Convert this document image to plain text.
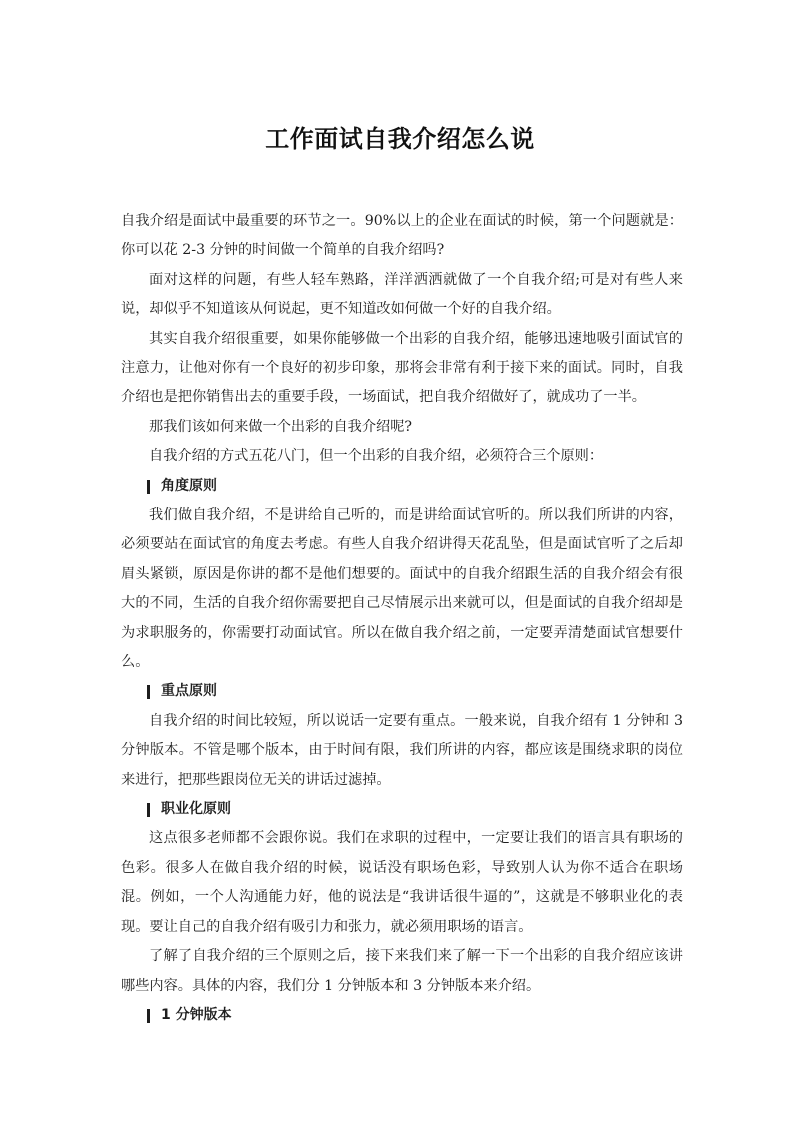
工作面试自我介绍怎么说

自我介绍是面试中最重要的环节之一。90%以上的企业在面试的时候，第一个问题就是：你可以花 2-3 分钟的时间做一个简单的自我介绍吗?

面对这样的问题，有些人轻车熟路，洋洋洒洒就做了一个自我介绍;可是对有些人来说，却似乎不知道该从何说起，更不知道改如何做一个好的自我介绍。

其实自我介绍很重要，如果你能够做一个出彩的自我介绍，能够迅速地吸引面试官的注意力，让他对你有一个良好的初步印象，那将会非常有利于接下来的面试。同时，自我介绍也是把你销售出去的重要手段，一场面试，把自我介绍做好了，就成功了一半。

那我们该如何来做一个出彩的自我介绍呢?

自我介绍的方式五花八门，但一个出彩的自我介绍，必须符合三个原则：

角度原则

我们做自我介绍，不是讲给自己听的，而是讲给面试官听的。所以我们所讲的内容，必须要站在面试官的角度去考虑。有些人自我介绍讲得天花乱坠，但是面试官听了之后却眉头紧锁，原因是你讲的都不是他们想要的。面试中的自我介绍跟生活的自我介绍会有很大的不同，生活的自我介绍你需要把自己尽情展示出来就可以，但是面试的自我介绍却是为求职服务的，你需要打动面试官。所以在做自我介绍之前，一定要弄清楚面试官想要什么。

重点原则

自我介绍的时间比较短，所以说话一定要有重点。一般来说，自我介绍有 1 分钟和 3 分钟版本。不管是哪个版本，由于时间有限，我们所讲的内容，都应该是围绕求职的岗位来进行，把那些跟岗位无关的讲话过滤掉。

职业化原则

这点很多老师都不会跟你说。我们在求职的过程中，一定要让我们的语言具有职场的色彩。很多人在做自我介绍的时候，说话没有职场色彩，导致别人认为你不适合在职场混。例如，一个人沟通能力好，他的说法是“我讲话很牛逼的”，这就是不够职业化的表现。要让自己的自我介绍有吸引力和张力，就必须用职场的语言。

了解了自我介绍的三个原则之后，接下来我们来了解一下一个出彩的自我介绍应该讲哪些内容。具体的内容，我们分 1 分钟版本和 3 分钟版本来介绍。

1 分钟版本
